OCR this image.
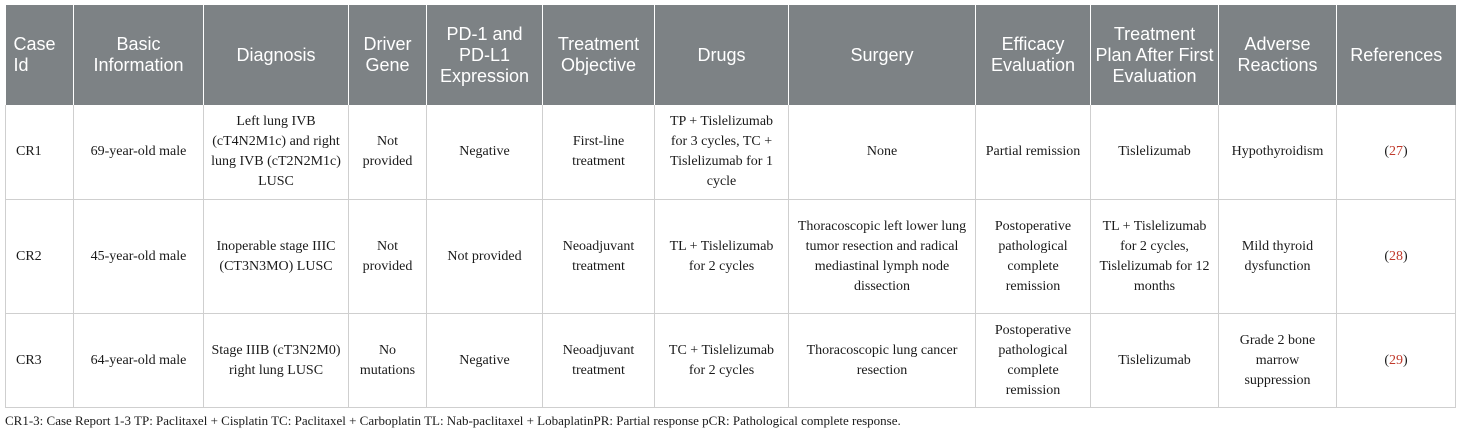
Case Id	Basic Information	Diagnosis	Driver Gene	PD-1 and PD-L1 Expression	Treatment Objective	Drugs	Surgery	Efficacy Evaluation	Treatment Plan After First Evaluation	Adverse Reactions	References
CR1	69-year-old male	Left lung IVB (cT4N2M1c) and right lung IVB (cT2N2M1c) LUSC	Not provided	Negative	First-line treatment	TP + Tislelizumab for 3 cycles, TC + Tislelizumab for 1 cycle	None	Partial remission	Tislelizumab	Hypothyroidism	(27)
CR2	45-year-old male	Inoperable stage IIIC (CT3N3MO) LUSC	Not provided	Not provided	Neoadjuvant treatment	TL + Tislelizumab for 2 cycles	Thoracoscopic left lower lung tumor resection and radical mediastinal lymph node dissection	Postoperative pathological complete remission	TL + Tislelizumab for 2 cycles, Tislelizumab for 12 months	Mild thyroid dysfunction	(28)
CR3	64-year-old male	Stage IIIB (cT3N2M0) right lung LUSC	No mutations	Negative	Neoadjuvant treatment	TC + Tislelizumab for 2 cycles	Thoracoscopic lung cancer resection	Postoperative pathological complete remission	Tislelizumab	Grade 2 bone marrow suppression	(29)
CR1-3: Case Report 1-3 TP: Paclitaxel + Cisplatin TC: Paclitaxel + Carboplatin TL: Nab-paclitaxel + LobaplatinPR: Partial response pCR: Pathological complete response.
